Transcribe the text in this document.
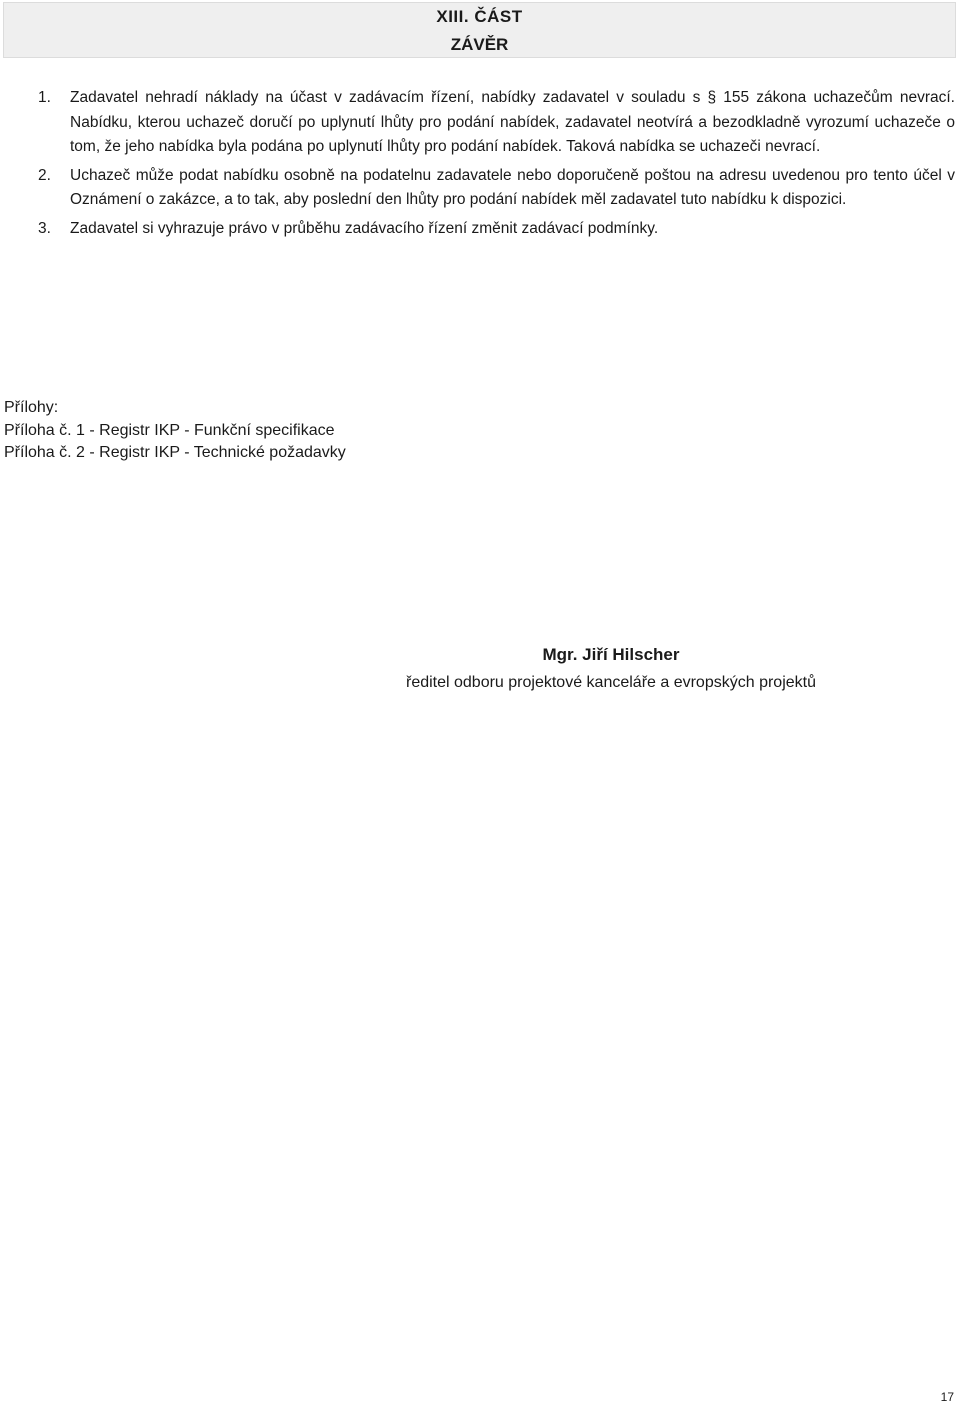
XIII. ČÁST
ZÁVĚR
1. Zadavatel nehradí náklady na účast v zadávacím řízení, nabídky zadavatel v souladu s § 155 zákona uchazečům nevrací. Nabídku, kterou uchazeč doručí po uplynutí lhůty pro podání nabídek, zadavatel neotvírá a bezodkladně vyrozumí uchazeče o tom, že jeho nabídka byla podána po uplynutí lhůty pro podání nabídek. Taková nabídka se uchazeči nevrací.
2. Uchazeč může podat nabídku osobně na podatelnu zadavatele nebo doporučeně poštou na adresu uvedenou pro tento účel v Oznámení o zakázce, a to tak, aby poslední den lhůty pro podání nabídek měl zadavatel tuto nabídku k dispozici.
3. Zadavatel si vyhrazuje právo v průběhu zadávacího řízení změnit zadávací podmínky.
Přílohy:
Příloha č. 1 - Registr IKP - Funkční specifikace
Příloha č. 2 - Registr IKP - Technické požadavky
Mgr. Jiří Hilscher
ředitel odboru projektové kanceláře a evropských projektů
17
